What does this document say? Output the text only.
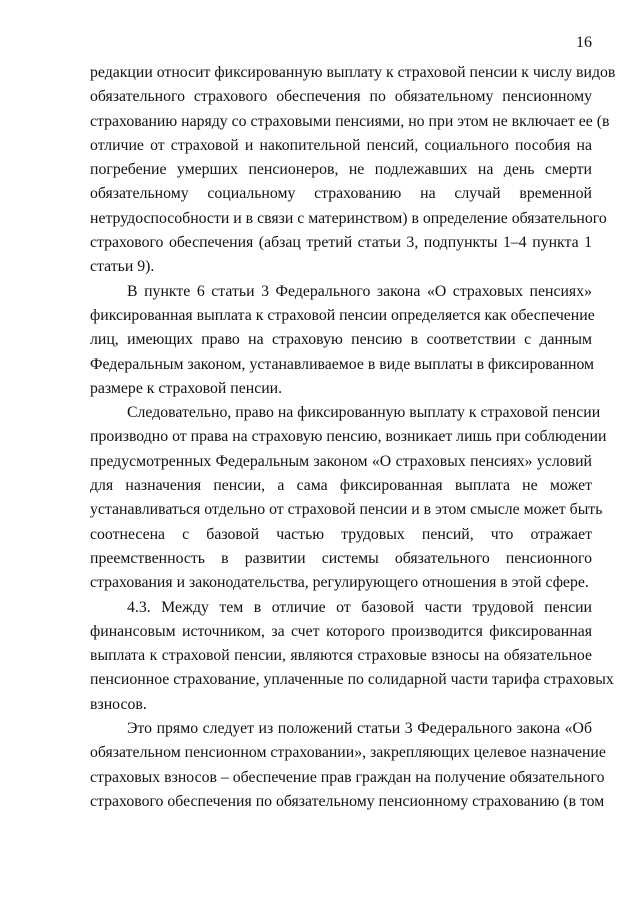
16
редакции относит фиксированную выплату к страховой пенсии к числу видов
обязательного страхового обеспечения по обязательному пенсионному
страхованию наряду со страховыми пенсиями, но при этом не включает ее (в
отличие от страховой и накопительной пенсий, социального пособия на
погребение умерших пенсионеров, не подлежавших на день смерти
обязательному социальному страхованию на случай временной
нетрудоспособности и в связи с материнством) в определение обязательного
страхового обеспечения (абзац третий статьи 3, подпункты 1–4 пункта 1
статьи 9).
В пункте 6 статьи 3 Федерального закона «О страховых пенсиях»
фиксированная выплата к страховой пенсии определяется как обеспечение
лиц, имеющих право на страховую пенсию в соответствии с данным
Федеральным законом, устанавливаемое в виде выплаты в фиксированном
размере к страховой пенсии.
Следовательно, право на фиксированную выплату к страховой пенсии
производно от права на страховую пенсию, возникает лишь при соблюдении
предусмотренных Федеральным законом «О страховых пенсиях» условий
для назначения пенсии, а сама фиксированная выплата не может
устанавливаться отдельно от страховой пенсии и в этом смысле может быть
соотнесена с базовой частью трудовых пенсий, что отражает
преемственность в развитии системы обязательного пенсионного
страхования и законодательства, регулирующего отношения в этой сфере.
4.3. Между тем в отличие от базовой части трудовой пенсии
финансовым источником, за счет которого производится фиксированная
выплата к страховой пенсии, являются страховые взносы на обязательное
пенсионное страхование, уплаченные по солидарной части тарифа страховых
взносов.
Это прямо следует из положений статьи 3 Федерального закона «Об
обязательном пенсионном страховании», закрепляющих целевое назначение
страховых взносов – обеспечение прав граждан на получение обязательного
страхового обеспечения по обязательному пенсионному страхованию (в том
